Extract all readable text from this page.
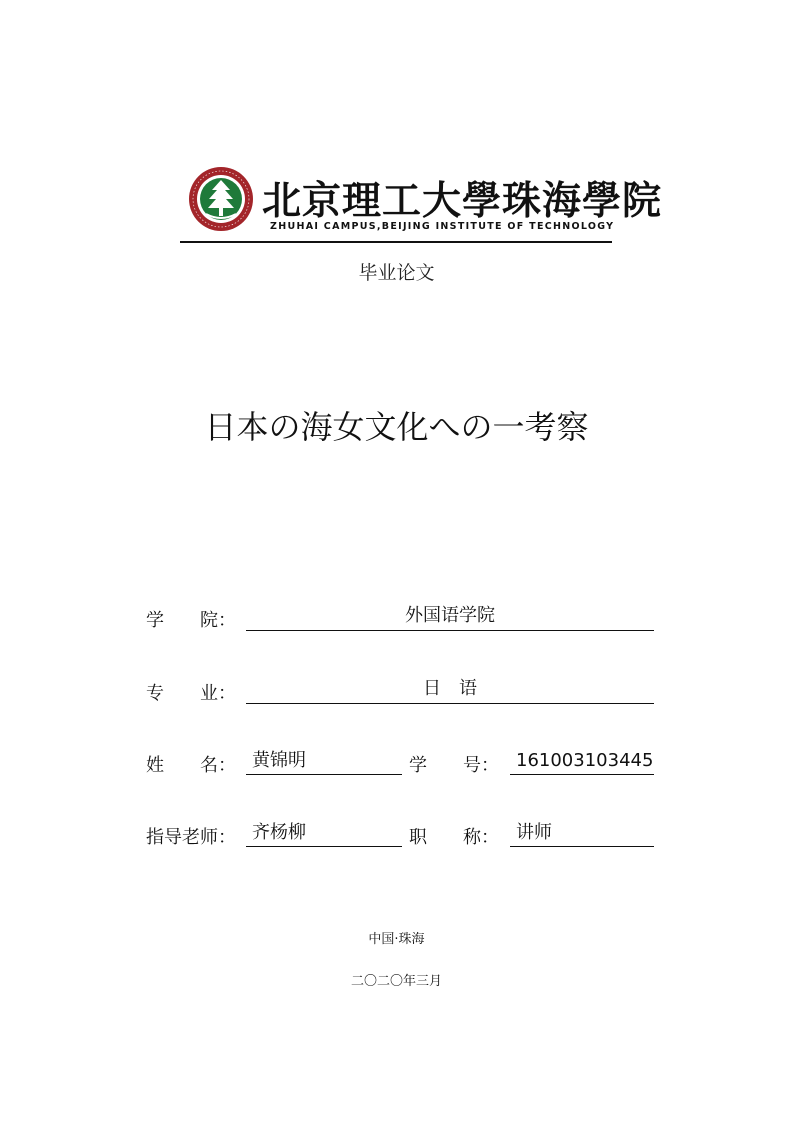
北京理工大學珠海學院
ZHUHAI CAMPUS,BEIJING INSTITUTE OF TECHNOLOGY
毕业论文
日本の海女文化への一考察
学　　院：	外国语学院
专　　业：	日　语
姓　　名： 黄锦明	学　　号： 161003103445
指导老师： 齐杨柳	职　　称： 讲师
中国·珠海
二〇二〇年三月
